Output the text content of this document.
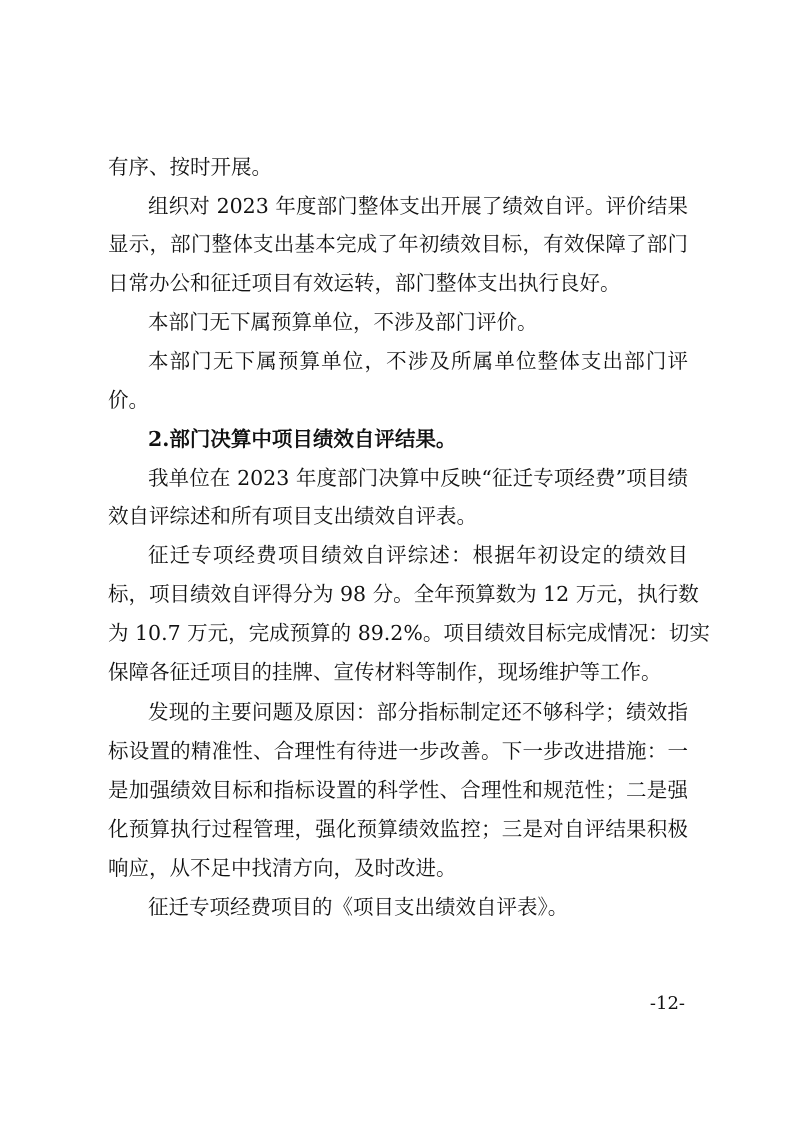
有序、按时开展。
组织对 2023 年度部门整体支出开展了绩效自评。评价结果
显示，部门整体支出基本完成了年初绩效目标，有效保障了部门
日常办公和征迁项目有效运转，部门整体支出执行良好。
本部门无下属预算单位，不涉及部门评价。
本部门无下属预算单位，不涉及所属单位整体支出部门评
价。
2.部门决算中项目绩效自评结果。
我单位在 2023 年度部门决算中反映“征迁专项经费”项目绩
效自评综述和所有项目支出绩效自评表。
征迁专项经费项目绩效自评综述：根据年初设定的绩效目
标，项目绩效自评得分为 98 分。全年预算数为 12 万元，执行数
为 10.7 万元，完成预算的 89.2%。项目绩效目标完成情况：切实
保障各征迁项目的挂牌、宣传材料等制作，现场维护等工作。
发现的主要问题及原因：部分指标制定还不够科学；绩效指
标设置的精准性、合理性有待进一步改善。下一步改进措施：一
是加强绩效目标和指标设置的科学性、合理性和规范性；二是强
化预算执行过程管理，强化预算绩效监控；三是对自评结果积极
响应，从不足中找清方向，及时改进。
征迁专项经费项目的《项目支出绩效自评表》。
-12-
